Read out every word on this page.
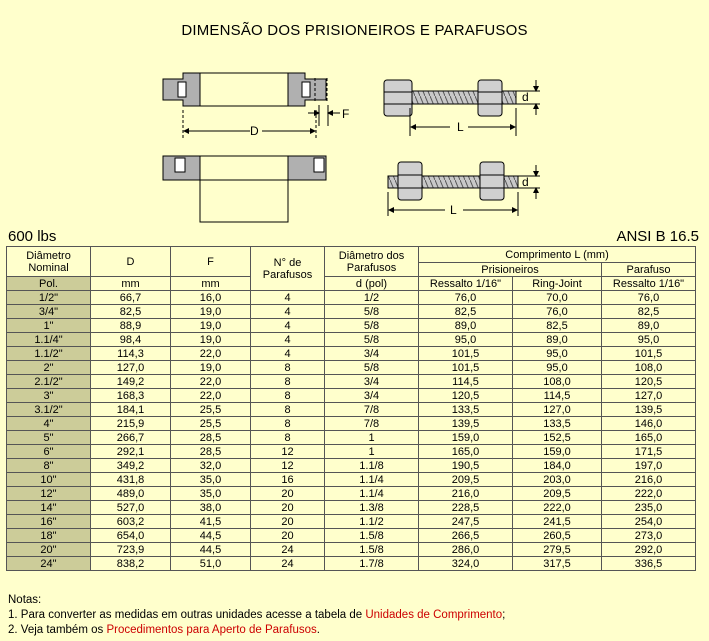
DIMENSÃO DOS PRISIONEIROS E PARAFUSOS
F
D	L
d
L
d
600 lbs	ANSI B 16.5
Diâmetro Nominal	D	F	N° de Parafusos	Diâmetro dos Parafusos	Comprimento L (mm)		
					Prisioneiros		Parafuso
Pol.	mm	mm		d (pol)	Ressalto 1/16"	Ring-Joint	Ressalto 1/16"
1/2"	66,7	16,0	4	1/2	76,0	70,0	76,0
3/4"	82,5	19,0	4	5/8	82,5	76,0	82,5
1"	88,9	19,0	4	5/8	89,0	82,5	89,0
1.1/4"	98,4	19,0	4	5/8	95,0	89,0	95,0
1.1/2"	114,3	22,0	4	3/4	101,5	95,0	101,5
2"	127,0	19,0	8	5/8	101,5	95,0	108,0
2.1/2"	149,2	22,0	8	3/4	114,5	108,0	120,5
3"	168,3	22,0	8	3/4	120,5	114,5	127,0
3.1/2"	184,1	25,5	8	7/8	133,5	127,0	139,5
4"	215,9	25,5	8	7/8	139,5	133,5	146,0
5"	266,7	28,5	8	1	159,0	152,5	165,0
6"	292,1	28,5	12	1	165,0	159,0	171,5
8"	349,2	32,0	12	1.1/8	190,5	184,0	197,0
10"	431,8	35,0	16	1.1/4	209,5	203,0	216,0
12"	489,0	35,0	20	1.1/4	216,0	209,5	222,0
14"	527,0	38,0	20	1.3/8	228,5	222,0	235,0
16"	603,2	41,5	20	1.1/2	247,5	241,5	254,0
18"	654,0	44,5	20	1.5/8	266,5	260,5	273,0
20"	723,9	44,5	24	1.5/8	286,0	279,5	292,0
24"	838,2	51,0	24	1.7/8	324,0	317,5	336,5
Notas:
1. Para converter as medidas em outras unidades acesse a tabela de Unidades de Comprimento;
2. Veja também os Procedimentos para Aperto de Parafusos.
